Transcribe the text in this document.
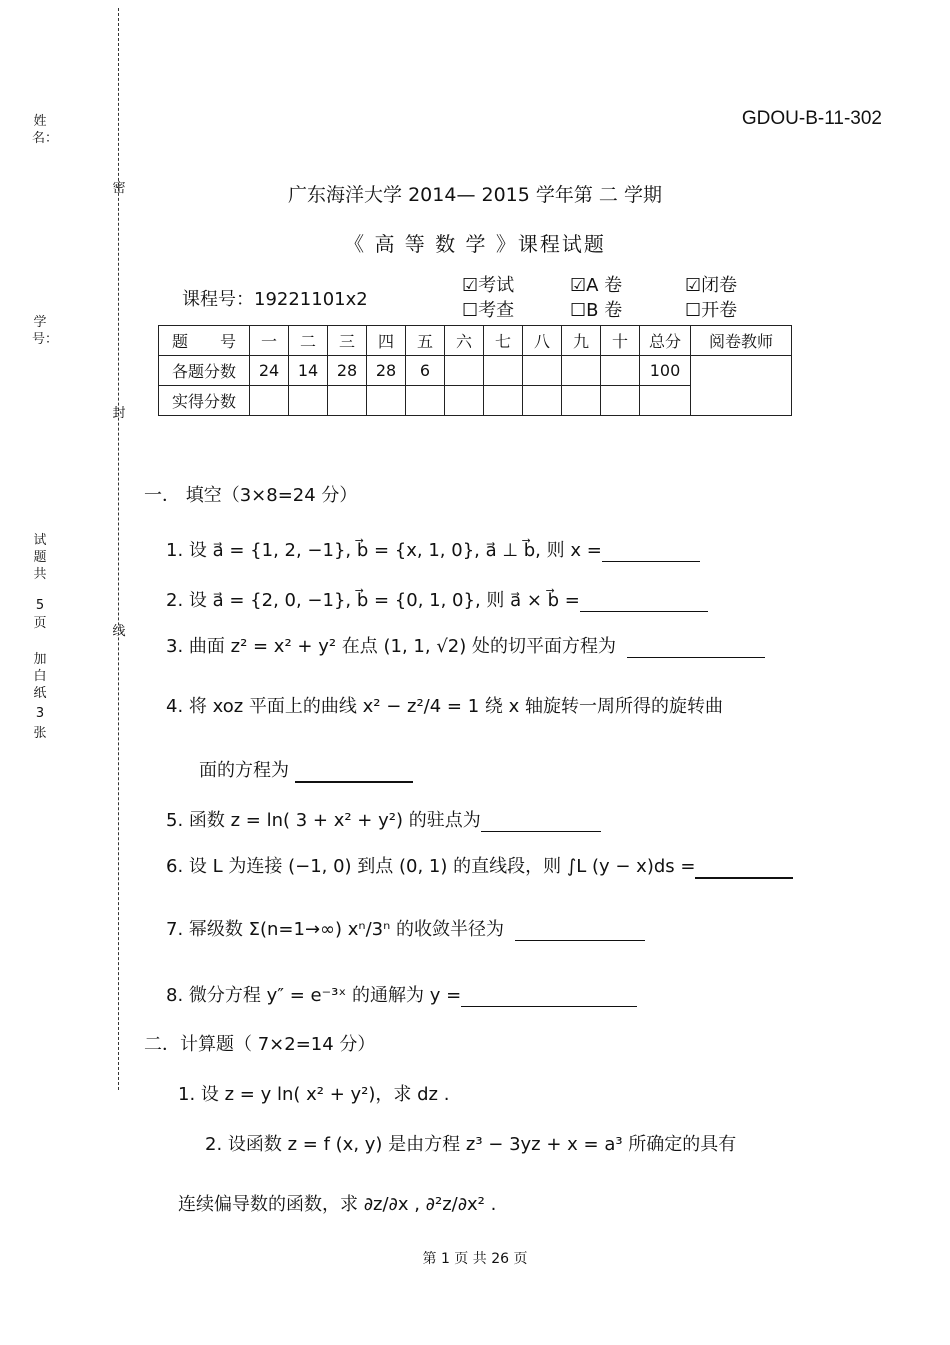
姓名：
学号：
密
封
线
试题共
5
页
加白纸
3
张
GDOU-B-11-302
广东海洋大学 2014— 2015 学年第 二 学期
《 高 等 数 学 》课程试题
课程号：19221101x2
☑考试	☑A 卷	☑闭卷
☐考查	☐B 卷	☐开卷
题　　号	一	二	三	四	五	六	七	八	九	十	总分	阅卷教师
各题分数	24	14	28	28	6						100	
实得分数												
一． 填空（3×8=24 分）
1. 设 a⃗ = {1, 2, −1}, b⃗ = {x, 1, 0}, a⃗ ⊥ b⃗, 则 x =
2. 设 a⃗ = {2, 0, −1}, b⃗ = {0, 1, 0}, 则 a⃗ × b⃗ =
3. 曲面 z² = x² + y² 在点 (1, 1, √2) 处的切平面方程为
4. 将 xoz 平面上的曲线 x² − z²/4 = 1 绕 x 轴旋转一周所得的旋转曲
面的方程为
5. 函数 z = ln( 3 + x² + y²) 的驻点为
6. 设 L 为连接 (−1, 0) 到点 (0, 1) 的直线段，则 ∫L (y − x)ds =
7. 幂级数 Σ(n=1→∞) xⁿ/3ⁿ 的收敛半径为
8. 微分方程 y″ = e⁻³ˣ 的通解为 y =
二．计算题（ 7×2=14 分）
1. 设 z = y ln( x² + y²)，求 dz .
2. 设函数 z = f (x, y) 是由方程 z³ − 3yz + x = a³ 所确定的具有
连续偏导数的函数，求 ∂z/∂x , ∂²z/∂x² .
第 1 页 共 26 页
